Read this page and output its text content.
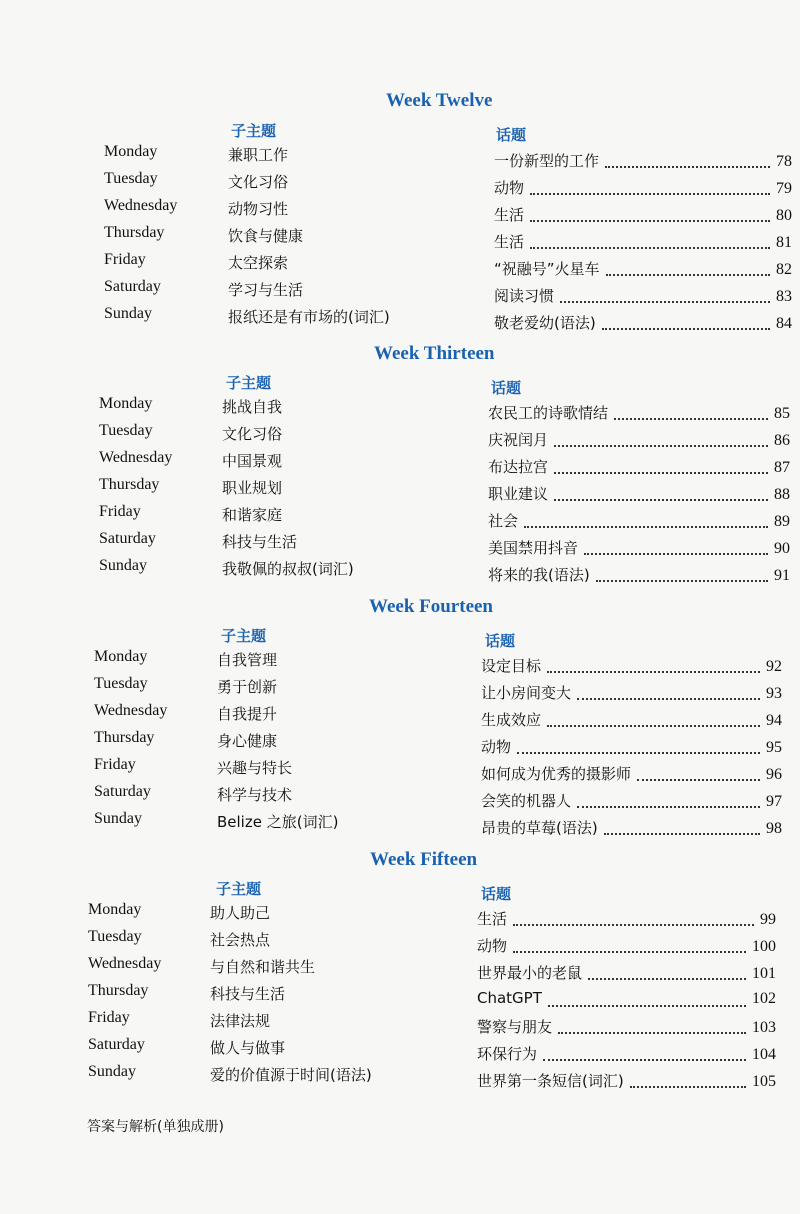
Week Twelve
子主题	话题
Monday	兼职工作	一份新型的工作	78
Tuesday	文化习俗	动物	79
Wednesday	动物习性	生活	80
Thursday	饮食与健康	生活	81
Friday	太空探索	“祝融号”火星车	82
Saturday	学习与生活	阅读习惯	83
Sunday	报纸还是有市场的(词汇)	敬老爱幼(语法)	84
Week Thirteen
子主题	话题
Monday	挑战自我	农民工的诗歌情结	85
Tuesday	文化习俗	庆祝闰月	86
Wednesday	中国景观	布达拉宫	87
Thursday	职业规划	职业建议	88
Friday	和谐家庭	社会	89
Saturday	科技与生活	美国禁用抖音	90
Sunday	我敬佩的叔叔(词汇)	将来的我(语法)	91
Week Fourteen
子主题	话题
Monday	自我管理	设定目标	92
Tuesday	勇于创新	让小房间变大	93
Wednesday	自我提升	生成效应	94
Thursday	身心健康	动物	95
Friday	兴趣与特长	如何成为优秀的摄影师	96
Saturday	科学与技术	会笑的机器人	97
Sunday	Belize 之旅(词汇)	昂贵的草莓(语法)	98
Week Fifteen
子主题	话题
Monday	助人助己	生活	99
Tuesday	社会热点	动物	100
Wednesday	与自然和谐共生	世界最小的老鼠	101
Thursday	科技与生活	ChatGPT	102
Friday	法律法规	警察与朋友	103
Saturday	做人与做事	环保行为	104
Sunday	爱的价值源于时间(语法)	世界第一条短信(词汇)	105
答案与解析(单独成册)
